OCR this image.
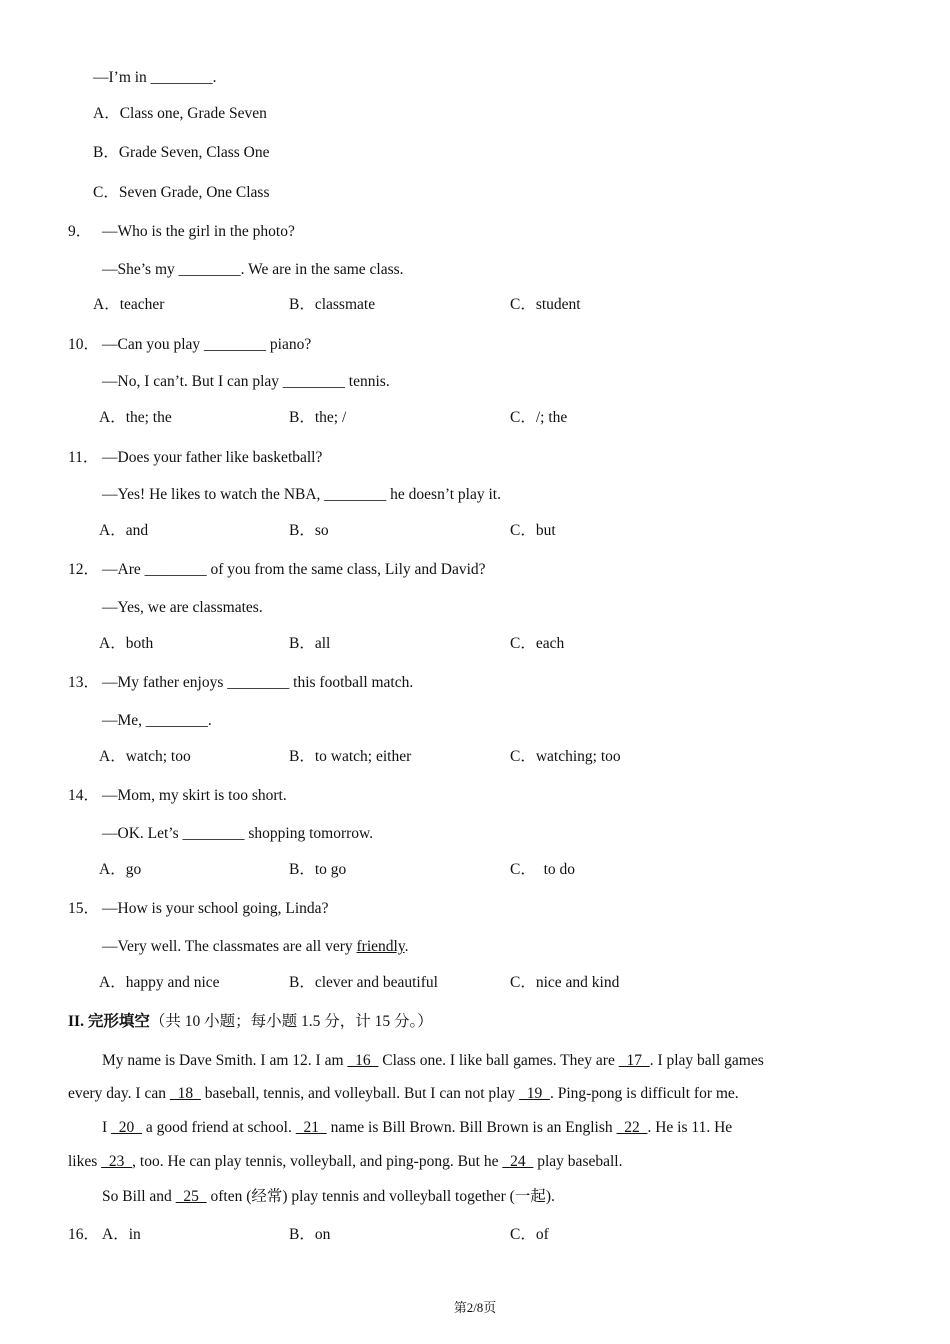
—I’m in ________.
A．Class one, Grade Seven
B．Grade Seven, Class One
C．Seven Grade, One Class
9． —Who is the girl in the photo?
—She’s my ________. We are in the same class.
A．teacher	B．classmate	C．student
10． —Can you play ________ piano?
—No, I can’t. But I can play ________ tennis.
A．the; the	B．the; /	C．/; the
11． —Does your father like basketball?
—Yes! He likes to watch the NBA, ________ he doesn’t play it.
A．and	B．so	C．but
12． —Are ________ of you from the same class, Lily and David?
—Yes, we are classmates.
A．both	B．all	C．each
13． —My father enjoys ________ this football match.
—Me, ________.
A．watch; too	B．to watch; either	C．watching; too
14． —Mom, my skirt is too short.
—OK. Let’s ________ shopping tomorrow.
A．go	B．to go	C．  to do
15． —How is your school going, Linda?
—Very well. The classmates are all very friendly.
A．happy and nice	B．clever and beautiful	C．nice and kind
II. 完形填空（共 10 小题；每小题 1.5 分，计 15 分。）
My name is Dave Smith. I am 12. I am   16   Class one. I like ball games. They are   17  . I play ball games
every day. I can   18   baseball, tennis, and volleyball. But I can not play   19  . Ping-pong is difficult for me.
I   20   a good friend at school.   21   name is Bill Brown. Bill Brown is an English   22  . He is 11. He
likes   23  , too. He can play tennis, volleyball, and ping-pong. But he   24   play baseball.
So Bill and   25   often (经常) play tennis and volleyball together (一起).
16． A．in	B．on	C．of
第2/8页
